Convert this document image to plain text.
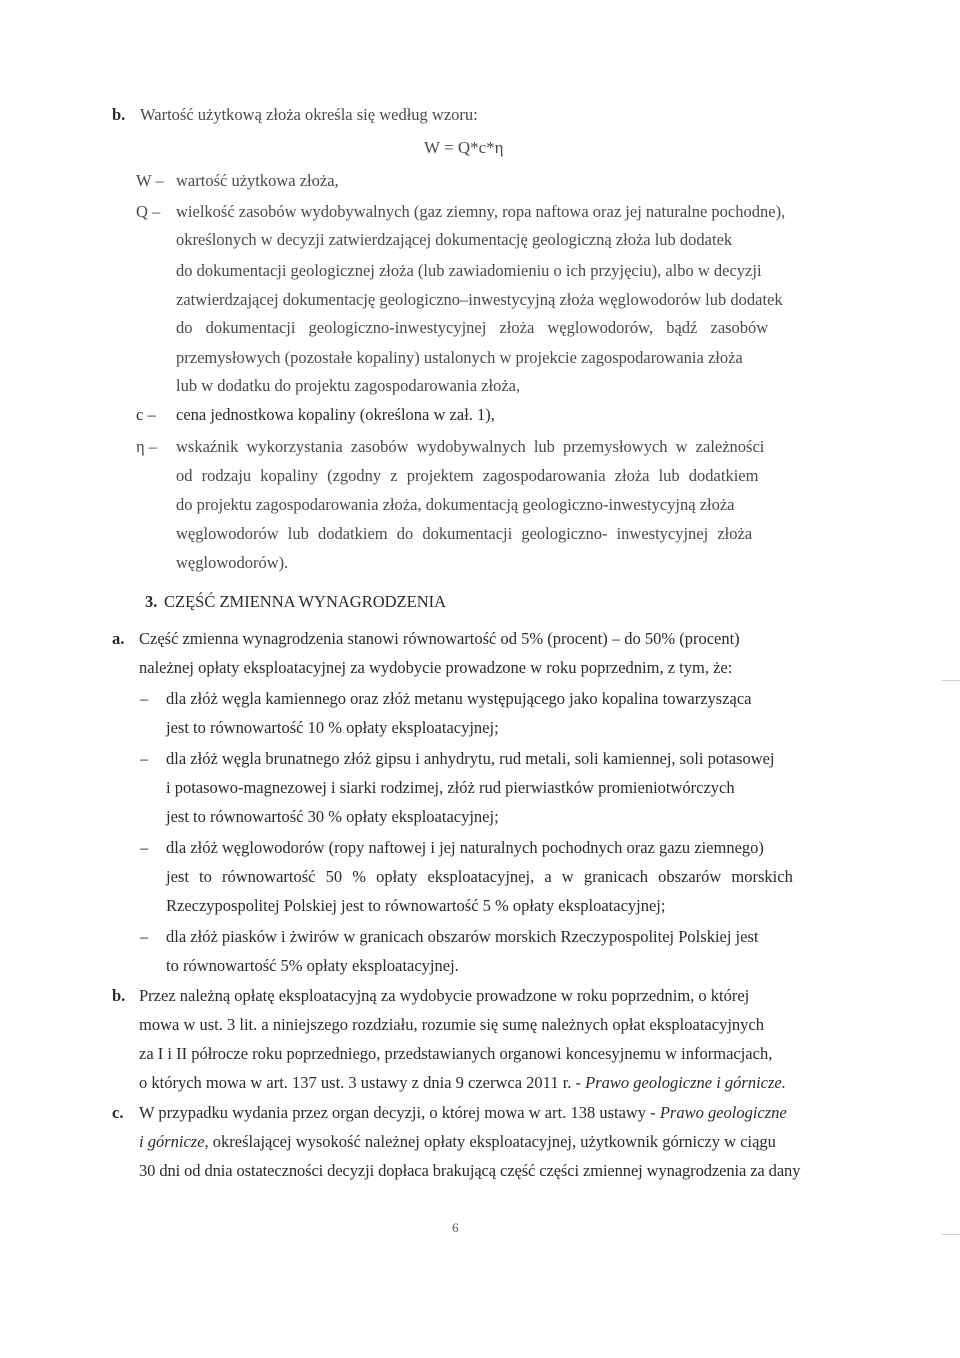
b. Wartość użytkową złoża określa się według wzoru:
W = Q*c*η
W – wartość użytkowa złoża,
Q – wielkość zasobów wydobywalnych (gaz ziemny, ropa naftowa oraz jej naturalne pochodne),
określonych w decyzji zatwierdzającej dokumentację geologiczną złoża lub dodatek
do dokumentacji geologicznej złoża (lub zawiadomieniu o ich przyjęciu), albo w decyzji
zatwierdzającej dokumentację geologiczno–inwestycyjną złoża węglowodorów lub dodatek
do dokumentacji geologiczno-inwestycyjnej złoża węglowodorów, bądź zasobów
przemysłowych (pozostałe kopaliny) ustalonych w projekcie zagospodarowania złoża
lub w dodatku do projektu zagospodarowania złoża,
c – cena jednostkowa kopaliny (określona w zał. 1),
η – wskaźnik wykorzystania zasobów wydobywalnych lub przemysłowych w zależności
od rodzaju kopaliny (zgodny z projektem zagospodarowania złoża lub dodatkiem
do projektu zagospodarowania złoża, dokumentacją geologiczno-inwestycyjną złoża
węglowodorów lub dodatkiem do dokumentacji geologiczno- inwestycyjnej złoża
węglowodorów).
3. CZĘŚĆ ZMIENNA WYNAGRODZENIA
a. Część zmienna wynagrodzenia stanowi równowartość od 5% (procent) – do 50% (procent)
należnej opłaty eksploatacyjnej za wydobycie prowadzone w roku poprzednim, z tym, że:
– dla złóż węgla kamiennego oraz złóż metanu występującego jako kopalina towarzysząca
jest to równowartość 10 % opłaty eksploatacyjnej;
– dla złóż węgla brunatnego złóż gipsu i anhydrytu, rud metali, soli kamiennej, soli potasowej
i potasowo-magnezowej i siarki rodzimej, złóż rud pierwiastków promieniotwórczych
jest to równowartość 30 % opłaty eksploatacyjnej;
– dla złóż węglowodorów (ropy naftowej i jej naturalnych pochodnych oraz gazu ziemnego)
jest to równowartość 50 % opłaty eksploatacyjnej, a w granicach obszarów morskich
Rzeczypospolitej Polskiej jest to równowartość 5 % opłaty eksploatacyjnej;
– dla złóż piasków i żwirów w granicach obszarów morskich Rzeczypospolitej Polskiej jest
to równowartość 5% opłaty eksploatacyjnej.
b. Przez należną opłatę eksploatacyjną za wydobycie prowadzone w roku poprzednim, o której
mowa w ust. 3 lit. a niniejszego rozdziału, rozumie się sumę należnych opłat eksploatacyjnych
za I i II półrocze roku poprzedniego, przedstawianych organowi koncesyjnemu w informacjach,
o których mowa w art. 137 ust. 3 ustawy z dnia 9 czerwca 2011 r. - Prawo geologiczne i górnicze.
c. W przypadku wydania przez organ decyzji, o której mowa w art. 138 ustawy - Prawo geologiczne
i górnicze, określającej wysokość należnej opłaty eksploatacyjnej, użytkownik górniczy w ciągu
30 dni od dnia ostateczności decyzji dopłaca brakującą część części zmiennej wynagrodzenia za dany
6
